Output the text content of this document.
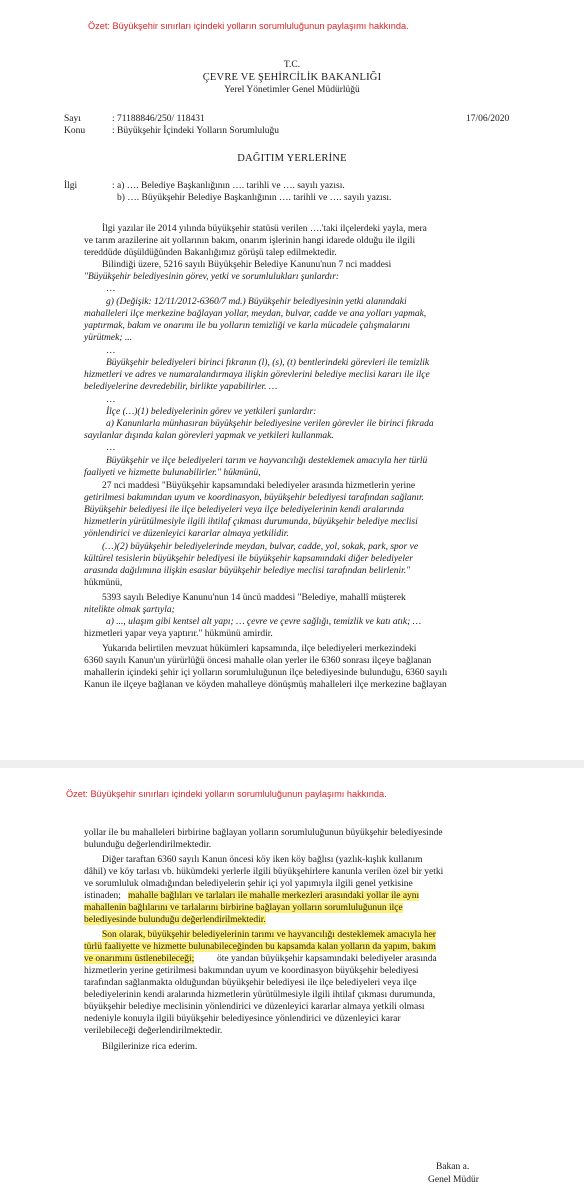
Özet: Büyükşehir sınırları içindeki yolların sorumluluğunun paylaşımı hakkında.
T.C.
ÇEVRE VE ŞEHİRCİLİK BAKANLIĞI
Yerel Yönetimler Genel Müdürlüğü
Sayı	: 71188846/250/ 118431	17/06/2020
Konu	: Büyükşehir İçindeki Yolların Sorumluluğu
DAĞITIM YERLERİNE
İlgi	: a) …. Belediye Başkanlığının …. tarihli ve …. sayılı yazısı.
b) …. Büyükşehir Belediye Başkanlığının …. tarihli ve …. sayılı yazısı.
İlgi yazılar ile 2014 yılında büyükşehir statüsü verilen ….'taki ilçelerdeki yayla, mera
ve tarım arazilerine ait yollarının bakım, onarım işlerinin hangi idarede olduğu ile ilgili
tereddüde düşüldüğünden Bakanlığımız görüşü talep edilmektedir.
Bilindiği üzere, 5216 sayılı Büyükşehir Belediye Kanunu'nun 7 nci maddesi
"Büyükşehir belediyesinin görev, yetki ve sorumlulukları şunlardır:
…
g) (Değişik: 12/11/2012-6360/7 md.) Büyükşehir belediyesinin yetki alanındaki
mahalleleri ilçe merkezine bağlayan yollar, meydan, bulvar, cadde ve ana yolları yapmak,
yaptırmak, bakım ve onarımı ile bu yolların temizliği ve karla mücadele çalışmalarını
yürütmek; ...
…
Büyükşehir belediyeleri birinci fıkranın (l), (s), (t) bentlerindeki görevleri ile temizlik
hizmetleri ve adres ve numaralandırmaya ilişkin görevlerini belediye meclisi kararı ile ilçe
belediyelerine devredebilir, birlikte yapabilirler. …
…
İlçe (…)(1) belediyelerinin görev ve yetkileri şunlardır:
a) Kanunlarla münhasıran büyükşehir belediyesine verilen görevler ile birinci fıkrada
sayılanlar dışında kalan görevleri yapmak ve yetkileri kullanmak.
…
Büyükşehir ve ilçe belediyeleri tarım ve hayvancılığı desteklemek amacıyla her türlü
faaliyeti ve hizmette bulunabilirler." hükmünü,
27 nci maddesi "Büyükşehir kapsamındaki belediyeler arasında hizmetlerin yerine
getirilmesi bakımından uyum ve koordinasyon, büyükşehir belediyesi tarafından sağlanır.
Büyükşehir belediyesi ile ilçe belediyeleri veya ilçe belediyelerinin kendi aralarında
hizmetlerin yürütülmesiyle ilgili ihtilaf çıkması durumunda, büyükşehir belediye meclisi
yönlendirici ve düzenleyici kararlar almaya yetkilidir.
(…)(2) büyükşehir belediyelerinde meydan, bulvar, cadde, yol, sokak, park, spor ve
kültürel tesislerin büyükşehir belediyesi ile büyükşehir kapsamındaki diğer belediyeler
arasında dağılımına ilişkin esaslar büyükşehir belediye meclisi tarafından belirlenir."
hükmünü,
5393 sayılı Belediye Kanunu'nun 14 üncü maddesi "Belediye, mahallî müşterek
nitelikte olmak şartıyla;
a) ..., ulaşım gibi kentsel alt yapı; … çevre ve çevre sağlığı, temizlik ve katı atık; …
hizmetleri yapar veya yaptırır." hükmünü amirdir.
Yukarıda belirtilen mevzuat hükümleri kapsamında, ilçe belediyeleri merkezindeki
6360 sayılı Kanun'un yürürlüğü öncesi mahalle olan yerler ile 6360 sonrası ilçeye bağlanan
mahallerin içindeki şehir içi yolların sorumluluğunun ilçe belediyesinde bulunduğu, 6360 sayılı
Kanun ile ilçeye bağlanan ve köyden mahalleye dönüşmüş mahalleleri ilçe merkezine bağlayan
Özet: Büyükşehir sınırları içindeki yolların sorumluluğunun paylaşımı hakkında.
yollar ile bu mahalleleri birbirine bağlayan yolların sorumluluğunun büyükşehir belediyesinde
bulunduğu değerlendirilmektedir.
Diğer taraftan 6360 sayılı Kanun öncesi köy iken köy bağlısı (yazlık-kışlık kullanım
dâhil) ve köy tarlası vb. hükümdeki yerlerle ilgili büyükşehirlere kanunla verilen özel bir yetki
ve sorumluluk olmadığından belediyelerin şehir içi yol yapımıyla ilgili genel yetkisine
istinaden; mahalle bağlıları ve tarlaları ile mahalle merkezleri arasındaki yollar ile aynı
mahallenin bağlılarını ve tarlalarını birbirine bağlayan yolların sorumluluğunun ilçe
belediyesinde bulunduğu değerlendirilmektedir.
Son olarak, büyükşehir belediyelerinin tarımı ve hayvancılığı desteklemek amacıyla her
türlü faaliyette ve hizmette bulunabileceğinden bu kapsamda kalan yolların da yapım, bakım
ve onarımını üstlenebileceği; öte yandan büyükşehir kapsamındaki belediyeler arasında
hizmetlerin yerine getirilmesi bakımından uyum ve koordinasyon büyükşehir belediyesi
tarafından sağlanmakta olduğundan büyükşehir belediyesi ile ilçe belediyeleri veya ilçe
belediyelerinin kendi aralarında hizmetlerin yürütülmesiyle ilgili ihtilaf çıkması durumunda,
büyükşehir belediye meclisinin yönlendirici ve düzenleyici kararlar almaya yetkili olması
nedeniyle konuyla ilgili büyükşehir belediyesince yönlendirici ve düzenleyici karar
verilebileceği değerlendirilmektedir.
Bilgilerinize rica ederim.
Bakan a.
Genel Müdür
